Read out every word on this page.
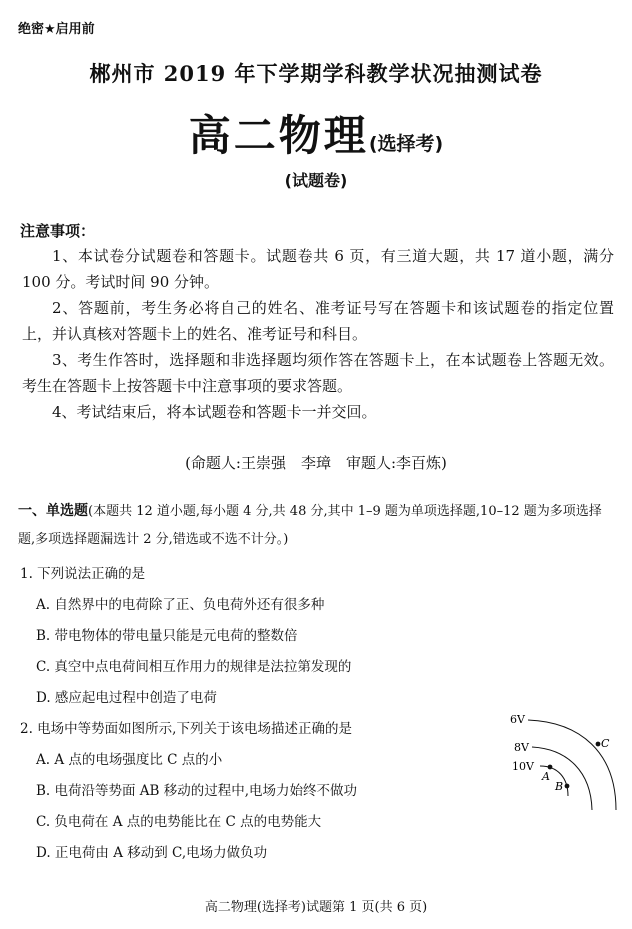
绝密★启用前
郴州市 2019 年下学期学科教学状况抽测试卷
高二物理(选择考)
(试题卷)
注意事项：
1、本试卷分试题卷和答题卡。试题卷共 6 页，有三道大题，共 17 道小题，满分 100 分。考试时间 90 分钟。
2、答题前，考生务必将自己的姓名、准考证号写在答题卡和该试题卷的指定位置上，并认真核对答题卡上的姓名、准考证号和科目。
3、考生作答时，选择题和非选择题均须作答在答题卡上，在本试题卷上答题无效。考生在答题卡上按答题卡中注意事项的要求答题。
4、考试结束后，将本试题卷和答题卡一并交回。
(命题人:王崇强　李璋　审题人:李百炼)
一、单选题(本题共 12 道小题,每小题 4 分,共 48 分,其中 1–9 题为单项选择题,10–12 题为多项选择题,多项选择题漏选计 2 分,错选或不选不计分。)
1. 下列说法正确的是
A. 自然界中的电荷除了正、负电荷外还有很多种
B. 带电物体的带电量只能是元电荷的整数倍
C. 真空中点电荷间相互作用力的规律是法拉第发现的
D. 感应起电过程中创造了电荷
2. 电场中等势面如图所示,下列关于该电场描述正确的是
A. A 点的电场强度比 C 点的小
B. 电荷沿等势面 AB 移动的过程中,电场力始终不做功
C. 负电荷在 A 点的电势能比在 C 点的电势能大
D. 正电荷由 A 移动到 C,电场力做负功
6V
8V
10V
A
B
C
高二物理(选择考)试题第 1 页(共 6 页)
